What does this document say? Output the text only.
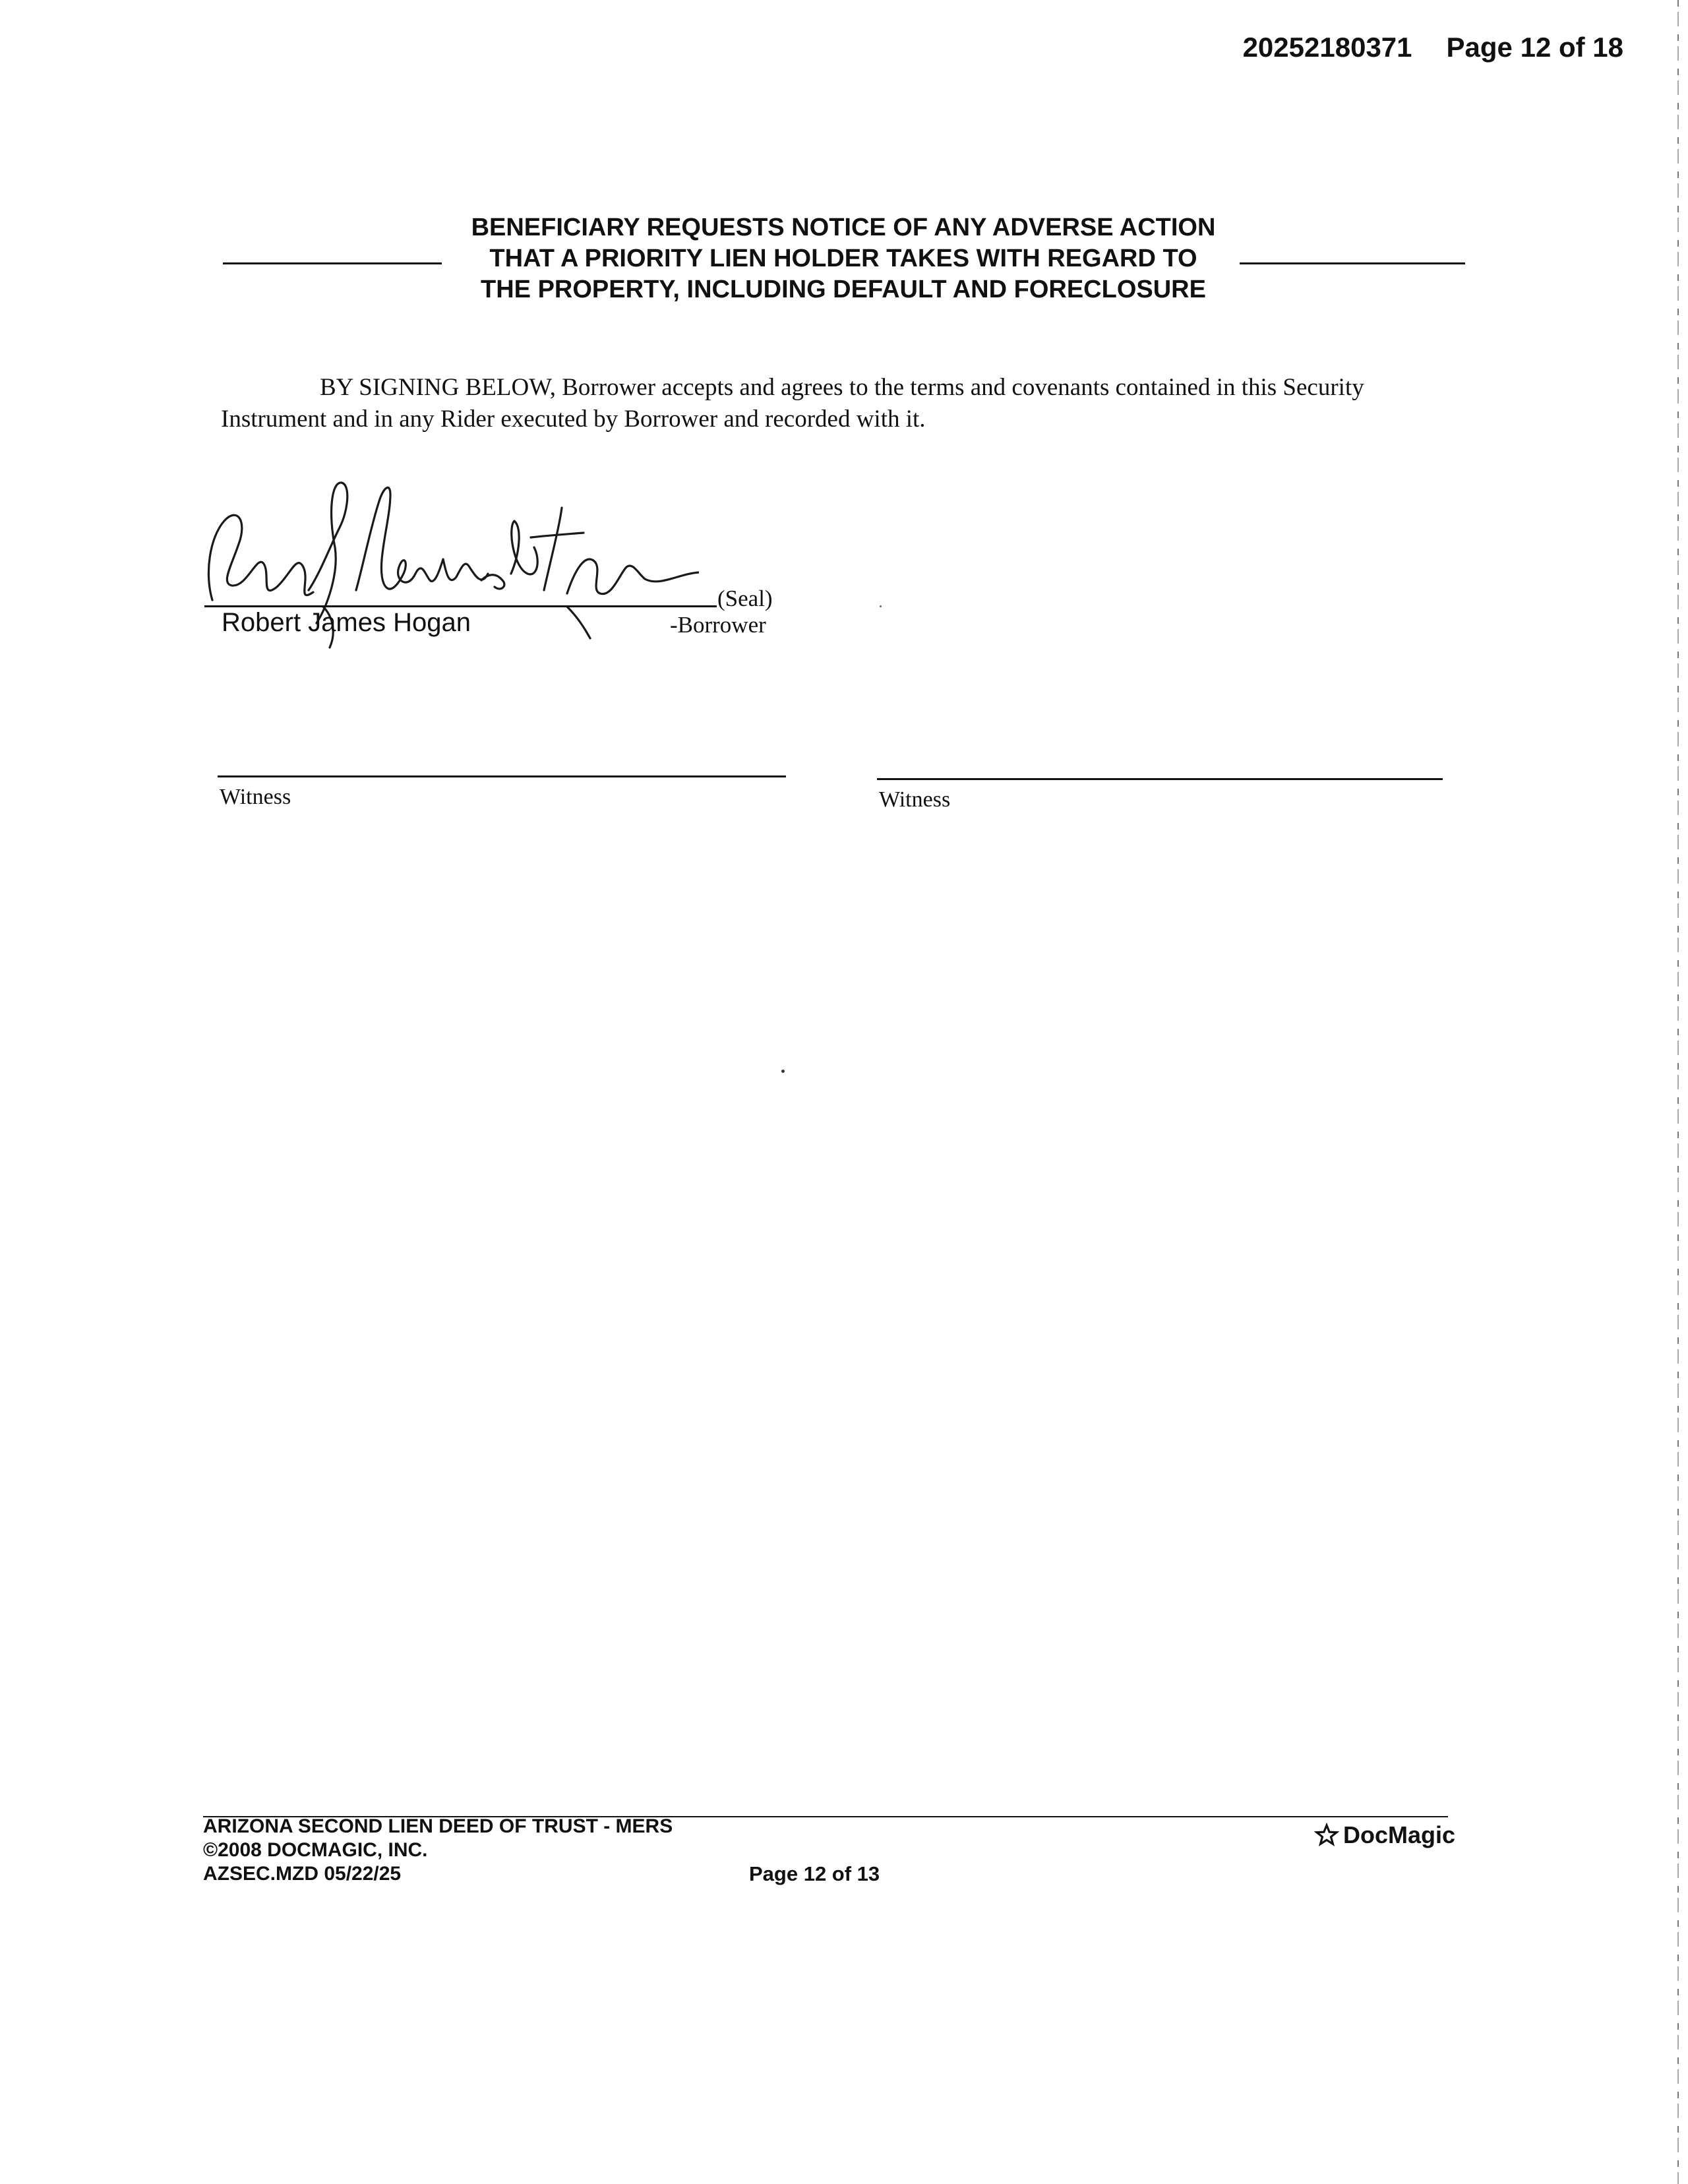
20252180371 Page 12 of 18
BENEFICIARY REQUESTS NOTICE OF ANY ADVERSE ACTION
THAT A PRIORITY LIEN HOLDER TAKES WITH REGARD TO
THE PROPERTY, INCLUDING DEFAULT AND FORECLOSURE
BY SIGNING BELOW, Borrower accepts and agrees to the terms and covenants contained in this Security
Instrument and in any Rider executed by Borrower and recorded with it.
(Seal)
Robert James Hogan	-Borrower
Witness	Witness
ARIZONA SECOND LIEN DEED OF TRUST - MERS
©2008 DOCMAGIC, INC.
AZSEC.MZD 05/22/25	Page 12 of 13
DocMagic
